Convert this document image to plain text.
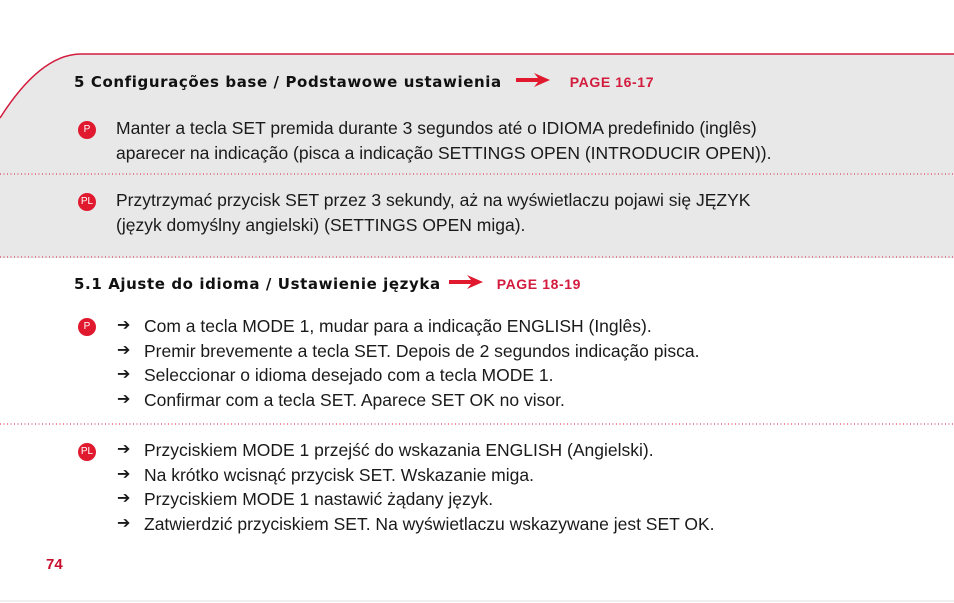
5 Configurações base / Podstawowe ustawienia	PAGE 16-17
P	Manter a tecla SET premida durante 3 segundos até o IDIOMA predefinido (inglês)
aparecer na indicação (pisca a indicação SETTINGS OPEN (INTRODUCIR OPEN)).
PL Przytrzymać przycisk SET przez 3 sekundy, aż na wyświetlaczu pojawi się JĘZYK
(język domyślny angielski) (SETTINGS OPEN miga).
5.1 Ajuste do idioma / Ustawienie języka	PAGE 18-19
P	➔ Com a tecla MODE 1, mudar para a indicação ENGLISH (Inglês).
➔ Premir brevemente a tecla SET. Depois de 2 segundos indicação pisca.
➔ Seleccionar o idioma desejado com a tecla MODE 1.
➔ Confirmar com a tecla SET. Aparece SET OK no visor.
PL ➔ Przyciskiem MODE 1 przejść do wskazania ENGLISH (Angielski).
➔ Na krótko wcisnąć przycisk SET. Wskazanie miga.
➔ Przyciskiem MODE 1 nastawić żądany język.
➔ Zatwierdzić przyciskiem SET. Na wyświetlaczu wskazywane jest SET OK.
74
